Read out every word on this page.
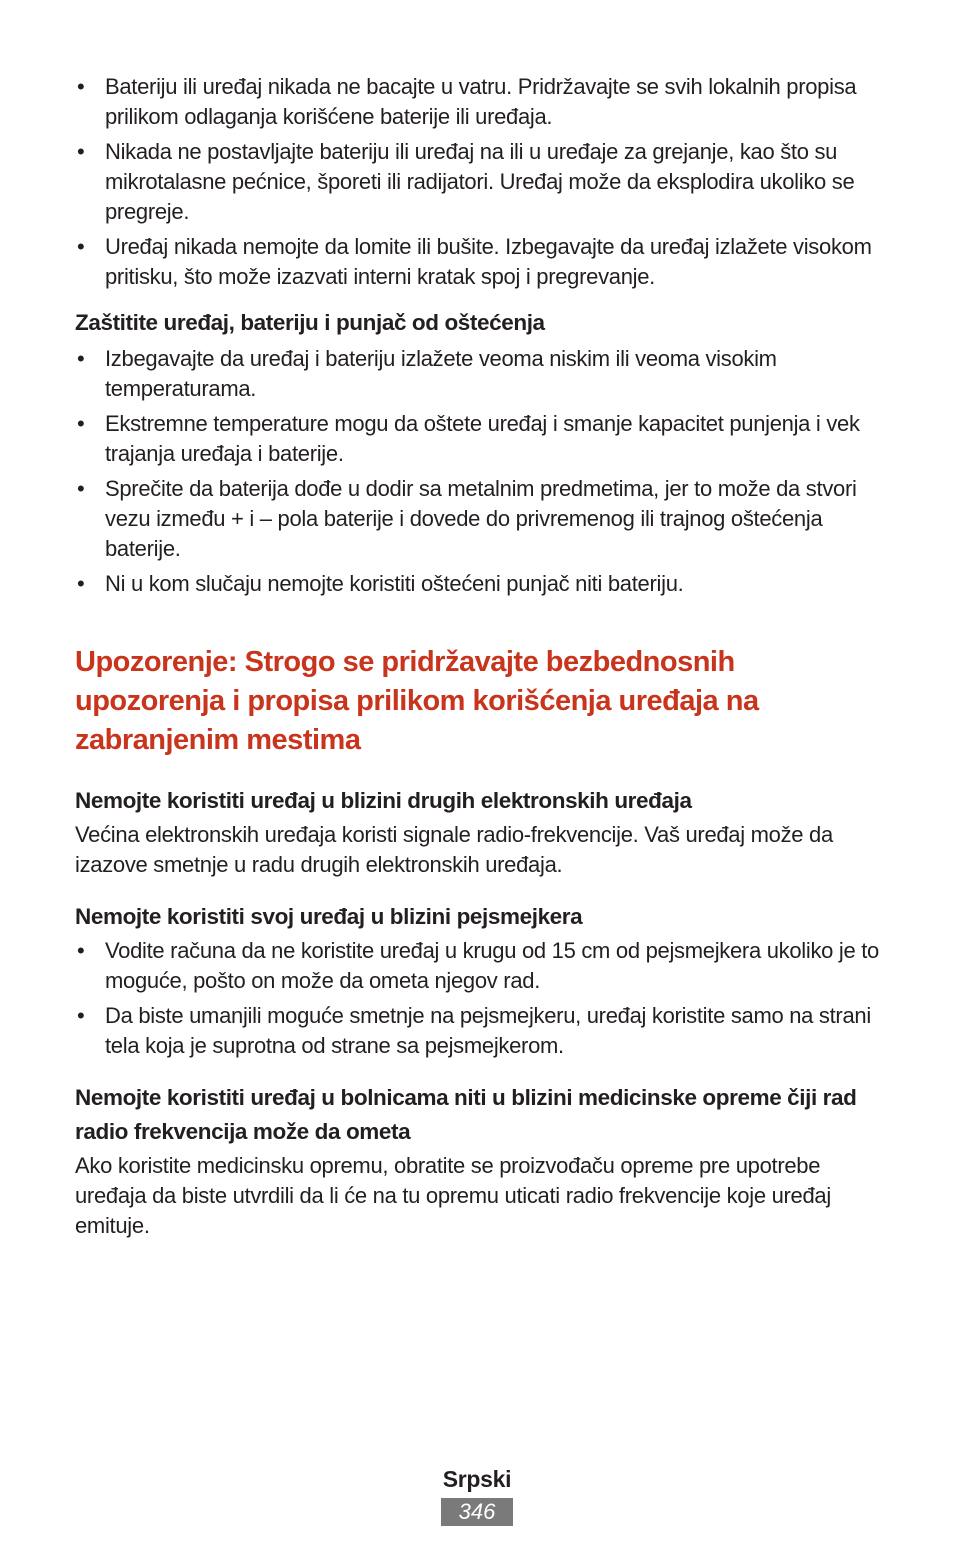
• Bateriju ili uređaj nikada ne bacajte u vatru. Pridržavajte se svih lokalnih propisa prilikom odlaganja korišćene baterije ili uređaja.
• Nikada ne postavljajte bateriju ili uređaj na ili u uređaje za grejanje, kao što su mikrotalasne pećnice, šporeti ili radijatori. Uređaj može da eksplodira ukoliko se pregreje.
• Uređaj nikada nemojte da lomite ili bušite. Izbegavajte da uređaj izlažete visokom pritisku, što može izazvati interni kratak spoj i pregrevanje.
Zaštitite uređaj, bateriju i punjač od oštećenja
• Izbegavajte da uređaj i bateriju izlažete veoma niskim ili veoma visokim temperaturama.
• Ekstremne temperature mogu da oštete uređaj i smanje kapacitet punjenja i vek trajanja uređaja i baterije.
• Sprečite da baterija dođe u dodir sa metalnim predmetima, jer to može da stvori vezu između + i – pola baterije i dovede do privremenog ili trajnog oštećenja baterije.
• Ni u kom slučaju nemojte koristiti oštećeni punjač niti bateriju.
Upozorenje: Strogo se pridržavajte bezbednosnih upozorenja i propisa prilikom korišćenja uređaja na zabranjenim mestima
Nemojte koristiti uređaj u blizini drugih elektronskih uređaja

Većina elektronskih uređaja koristi signale radio-frekvencije. Vaš uređaj može da izazove smetnje u radu drugih elektronskih uređaja.

Nemojte koristiti svoj uređaj u blizini pejsmejkera
• Vodite računa da ne koristite uređaj u krugu od 15 cm od pejsmejkera ukoliko je to moguće, pošto on može da ometa njegov rad.
• Da biste umanjili moguće smetnje na pejsmejkeru, uređaj koristite samo na strani tela koja je suprotna od strane sa pejsmejkerom.
Nemojte koristiti uređaj u bolnicama niti u blizini medicinske opreme čiji rad radio frekvencija može da ometa

Ako koristite medicinsku opremu, obratite se proizvođaču opreme pre upotrebe uređaja da biste utvrdili da li će na tu opremu uticati radio frekvencije koje uređaj emituje.

Srpski
346
